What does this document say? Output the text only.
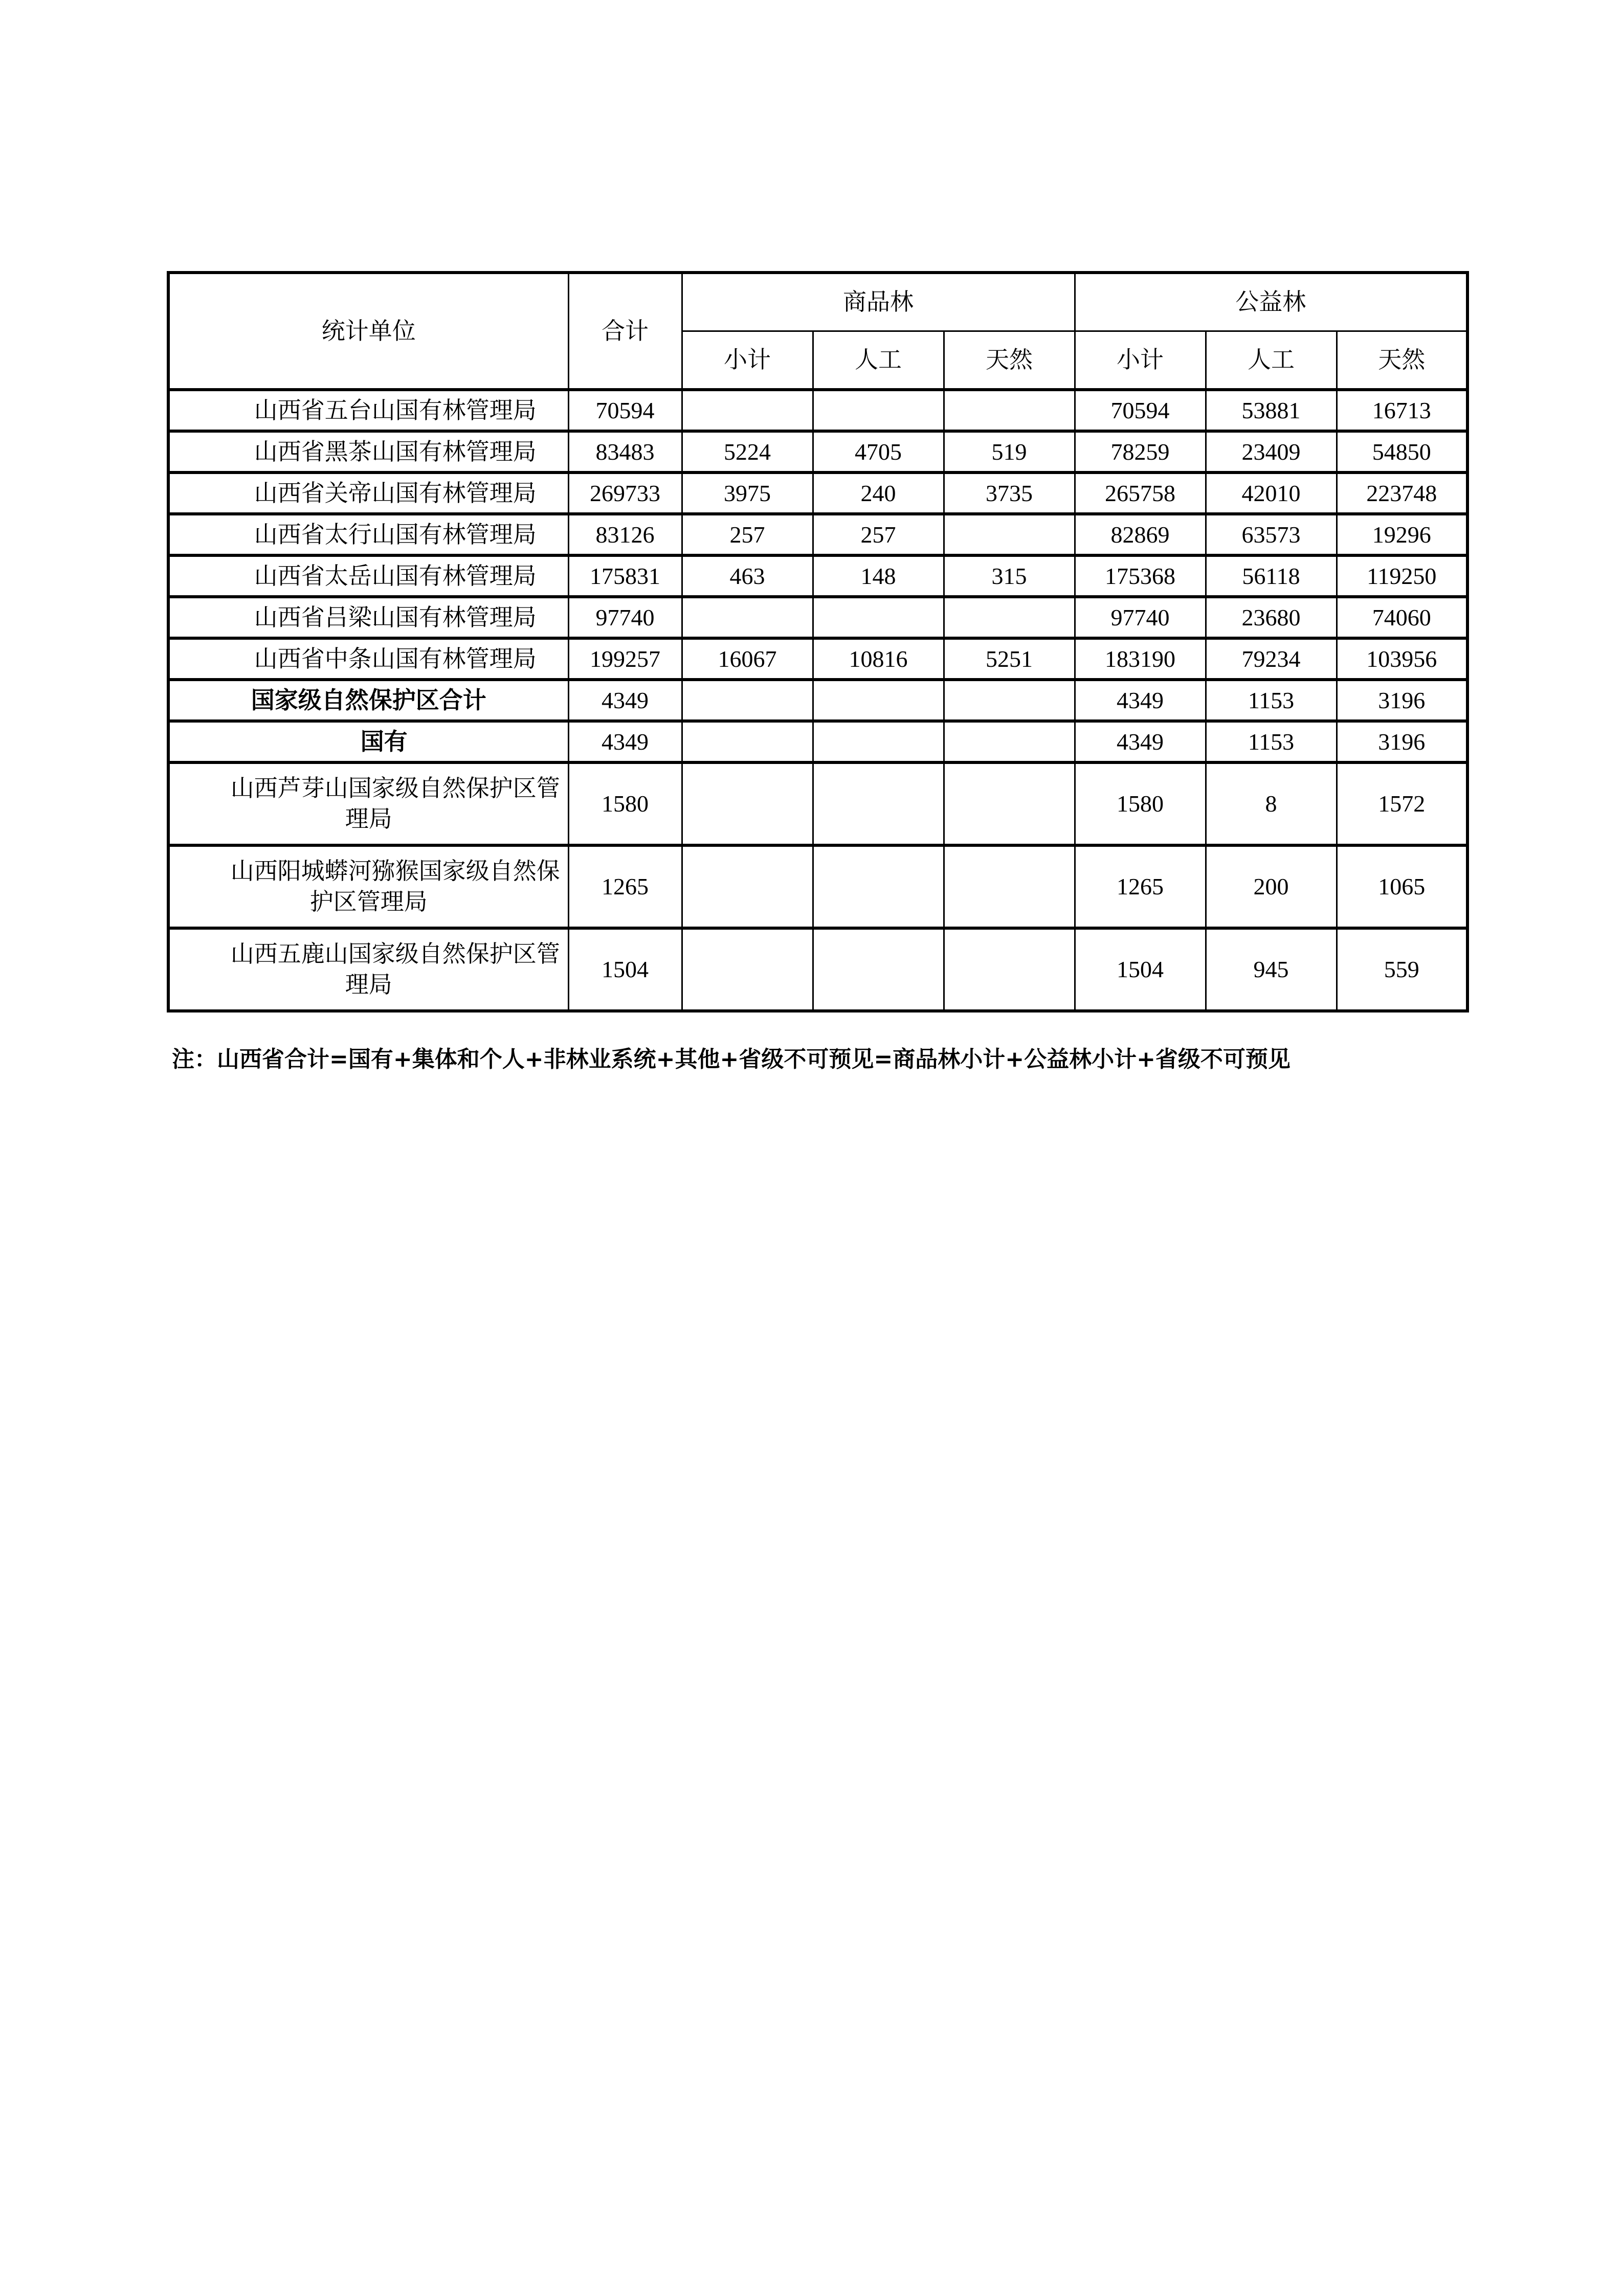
统计单位	合计	商品林			公益林		
		小计	人工	天然	小计	人工	天然
山西省五台山国有林管理局	70594				70594	53881	16713
山西省黑茶山国有林管理局	83483	5224	4705	519	78259	23409	54850
山西省关帝山国有林管理局	269733	3975	240	3735	265758	42010	223748
山西省太行山国有林管理局	83126	257	257		82869	63573	19296
山西省太岳山国有林管理局	175831	463	148	315	175368	56118	119250
山西省吕梁山国有林管理局	97740				97740	23680	74060
山西省中条山国有林管理局	199257	16067	10816	5251	183190	79234	103956
国家级自然保护区合计	4349				4349	1153	3196
国有	4349				4349	1153	3196
山西芦芽山国家级自然保护区管理局	1580				1580	8	1572
山西阳城蟒河猕猴国家级自然保护区管理局	1265				1265	200	1065
山西五鹿山国家级自然保护区管理局	1504				1504	945	559
注：山西省合计=国有+集体和个人+非林业系统+其他+省级不可预见=商品林小计+公益林小计+省级不可预见
